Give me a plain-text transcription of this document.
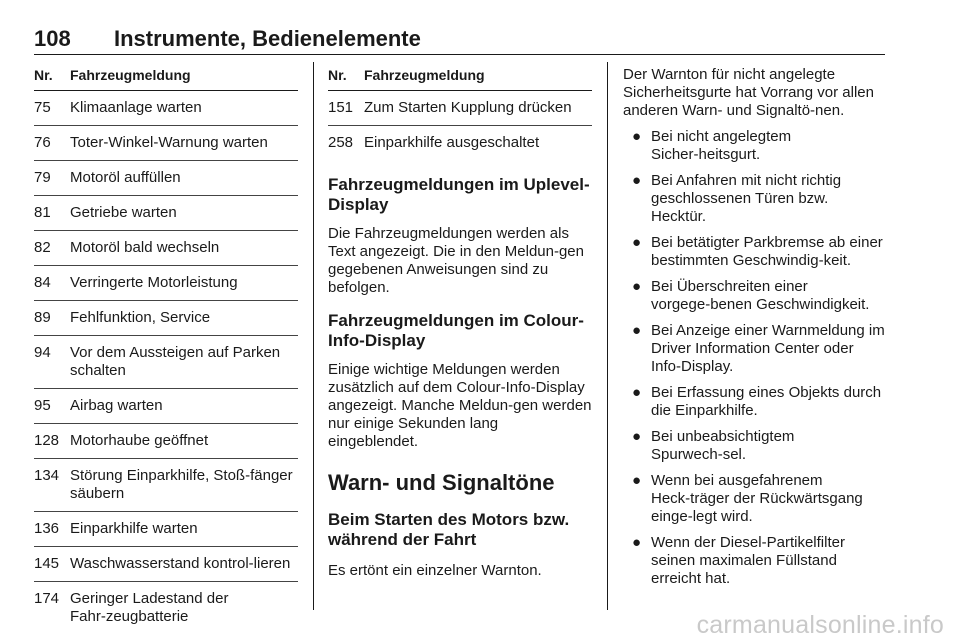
108 Instrumente, Bedienelemente
Nr.	Fahrzeugmeldung
75	Klimaanlage warten
76	Toter-Winkel-Warnung warten
79	Motoröl auffüllen
81	Getriebe warten
82	Motoröl bald wechseln
84	Verringerte Motorleistung
89	Fehlfunktion, Service
94	Vor dem Aussteigen auf Parken schalten
95	Airbag warten
128 Motorhaube geöffnet
134 Störung Einparkhilfe, Stoß‑fänger säubern
136 Einparkhilfe warten
145 Waschwasserstand kontrol‑lieren
174 Geringer Ladestand der Fahr‑zeugbatterie
Nr.	Fahrzeugmeldung
151 Zum Starten Kupplung drücken
258 Einparkhilfe ausgeschaltet
Fahrzeugmeldungen im Uplevel-Display

Die Fahrzeugmeldungen werden als Text angezeigt. Die in den Meldun‑gen gegebenen Anweisungen sind zu befolgen.

Fahrzeugmeldungen im Colour-Info-Display

Einige wichtige Meldungen werden zusätzlich auf dem Colour-Info-Display angezeigt. Manche Meldun‑gen werden nur einige Sekunden lang eingeblendet.

Warn- und Signaltöne
Beim Starten des Motors bzw. während der Fahrt

Es ertönt ein einzelner Warnton.

Der Warnton für nicht angelegte Sicherheitsgurte hat Vorrang vor allen anderen Warn- und Signaltö‑nen.

● Bei nicht angelegtem Sicher‑heitsgurt.
● Bei Anfahren mit nicht richtig geschlossenen Türen bzw. Hecktür.
● Bei betätigter Parkbremse ab einer bestimmten Geschwindig‑keit.
● Bei Überschreiten einer vorgege‑benen Geschwindigkeit.
● Bei Anzeige einer Warnmeldung im Driver Information Center oder Info-Display.
● Bei Erfassung eines Objekts durch die Einparkhilfe.
● Bei unbeabsichtigtem Spurwech‑sel.
● Wenn bei ausgefahrenem Heck‑träger der Rückwärtsgang einge‑legt wird.
● Wenn der Diesel-Partikelfilter seinen maximalen Füllstand erreicht hat.
carmanualsonline.info
